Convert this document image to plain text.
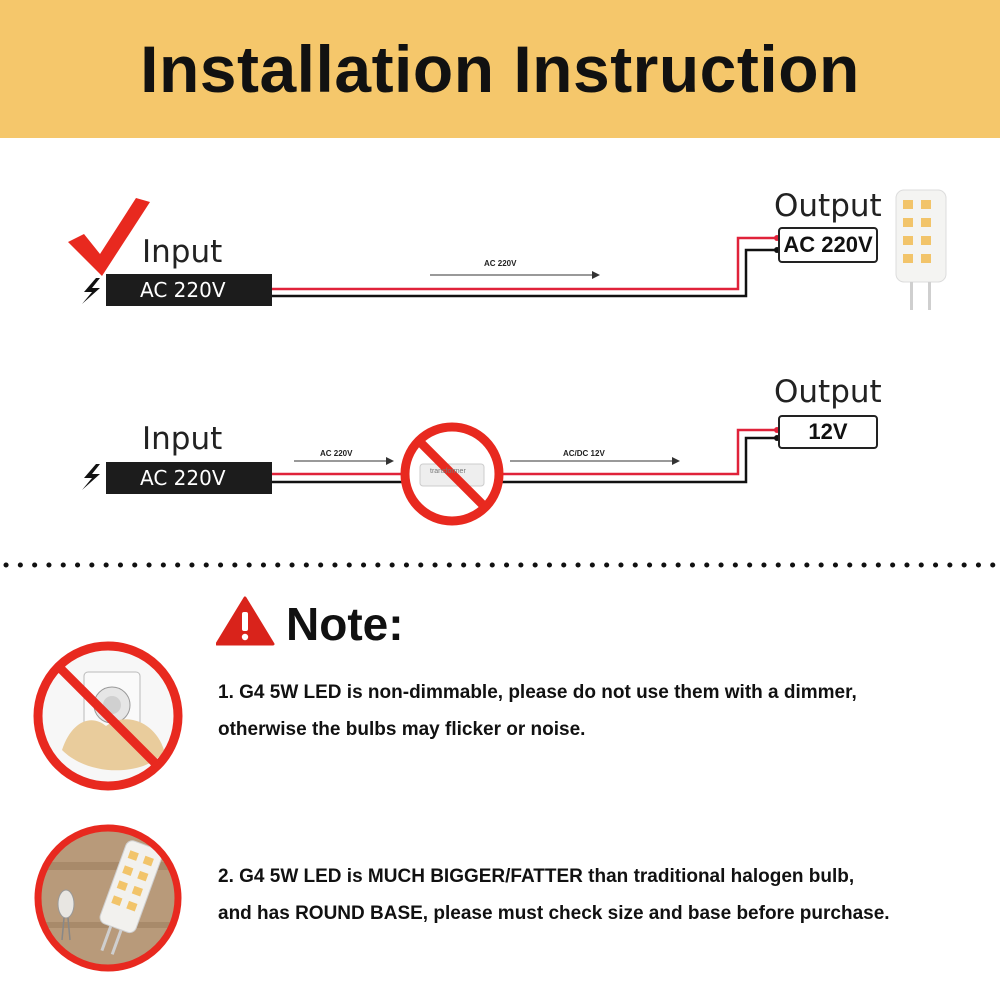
Installation Instruction
Input
AC 220V
AC 220V
Output
AC 220V
Input
AC 220V
AC 220V
transformer
AC/DC 12V
Output
12V
Note:
1. G4 5W LED is non-dimmable, please do not use them with a dimmer,
otherwise the bulbs may flicker or noise.
2. G4 5W LED is MUCH BIGGER/FATTER than traditional halogen bulb,
and has ROUND BASE, please must check size and base before purchase.
